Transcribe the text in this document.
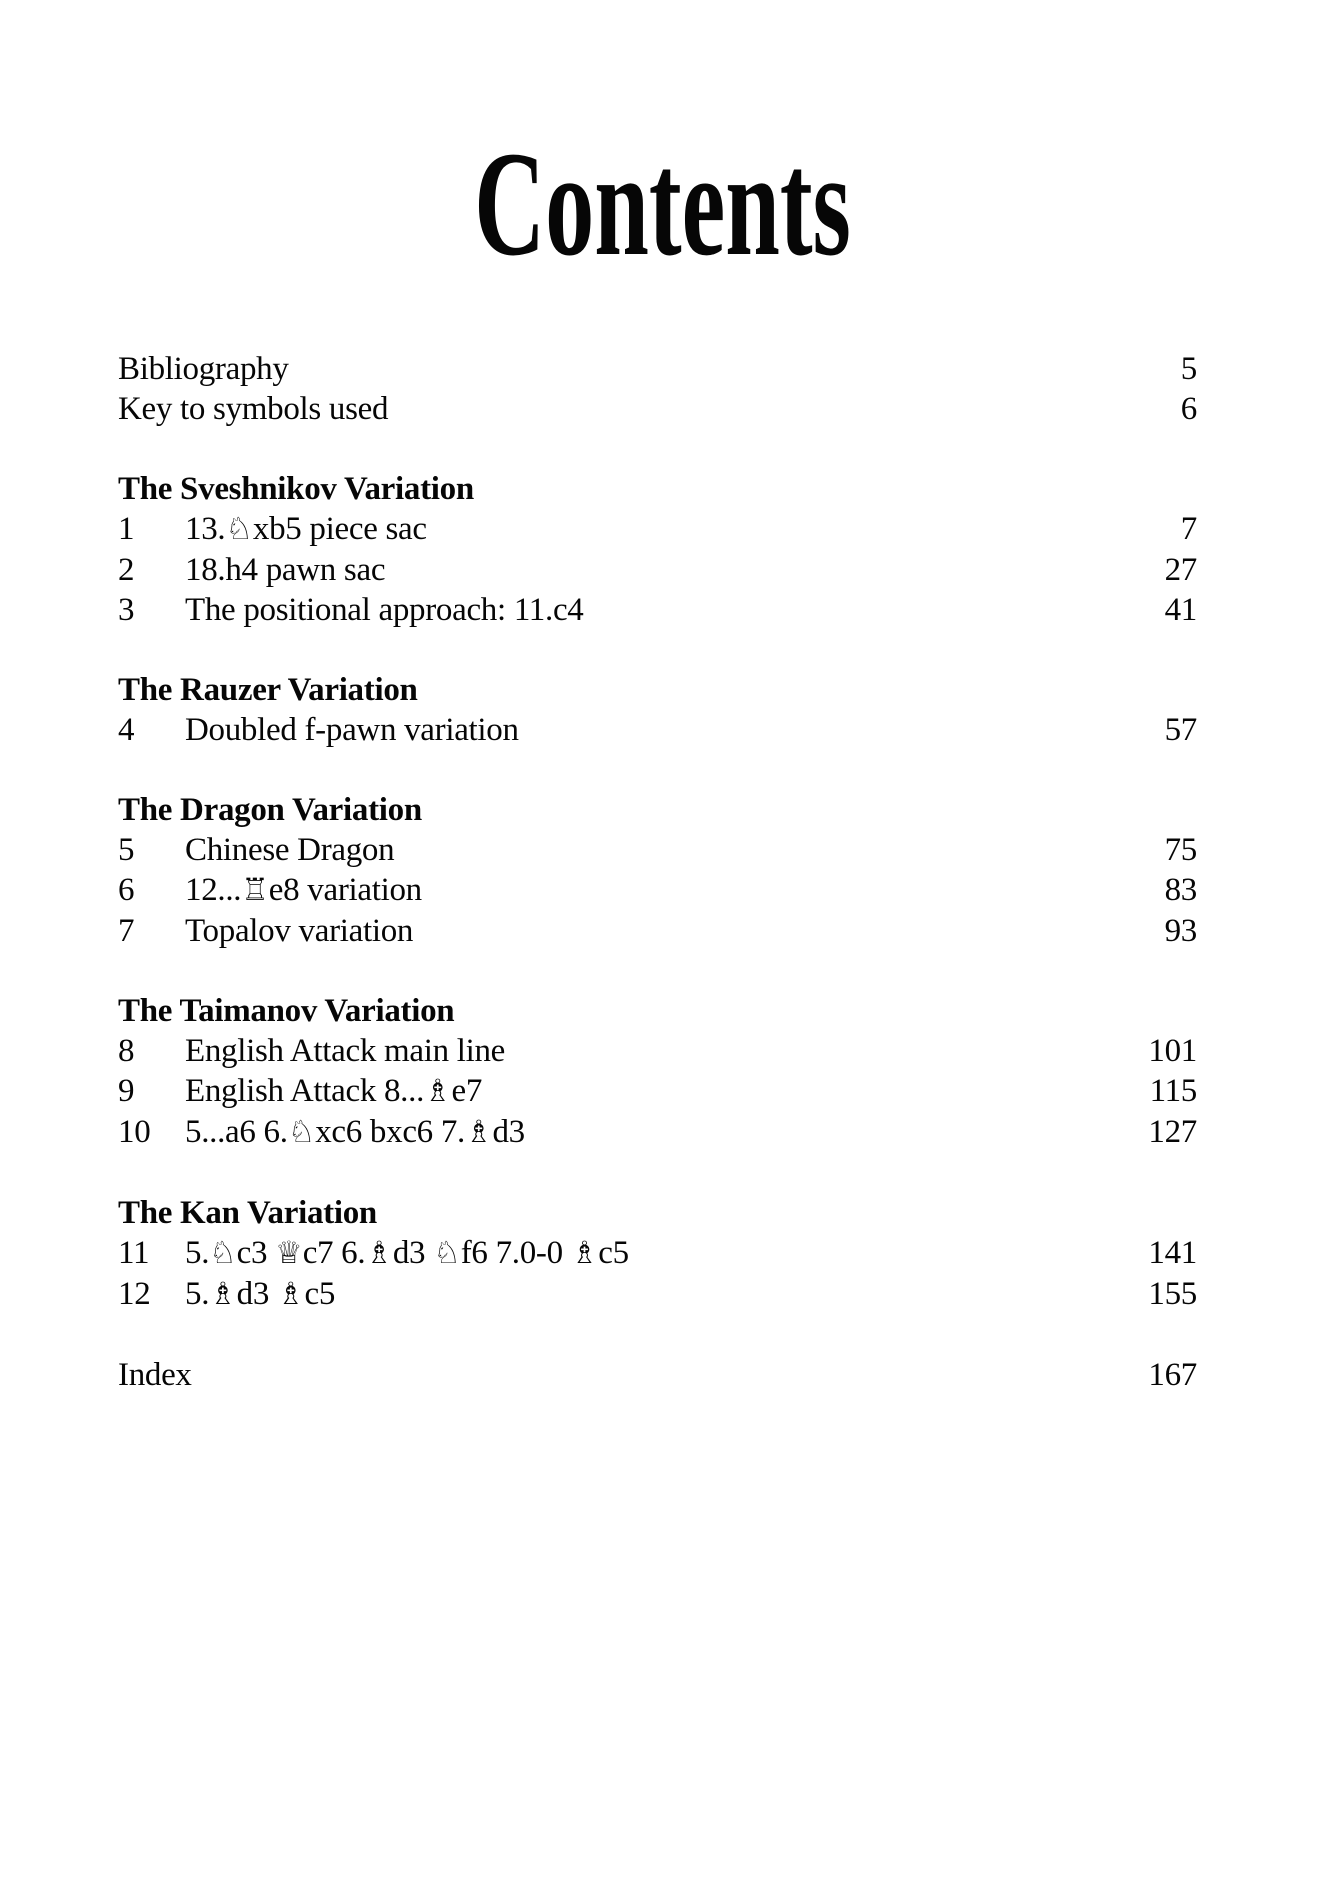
Contents
Bibliography	5
Key to symbols used	6
The Sveshnikov Variation
1	13.♘xb5 piece sac	7
2	18.h4 pawn sac	27
3	The positional approach: 11.c4	41
The Rauzer Variation
4	Doubled f-pawn variation	57
The Dragon Variation
5	Chinese Dragon	75
6	12...♖e8 variation	83
7	Topalov variation	93
The Taimanov Variation
8	English Attack main line	101
9	English Attack 8...♗e7	115
10	5...a6 6.♘xc6 bxc6 7.♗d3	127
The Kan Variation
11	5.♘c3 ♕c7 6.♗d3 ♘f6 7.0-0 ♗c5	141
12	5.♗d3 ♗c5	155
Index	167
